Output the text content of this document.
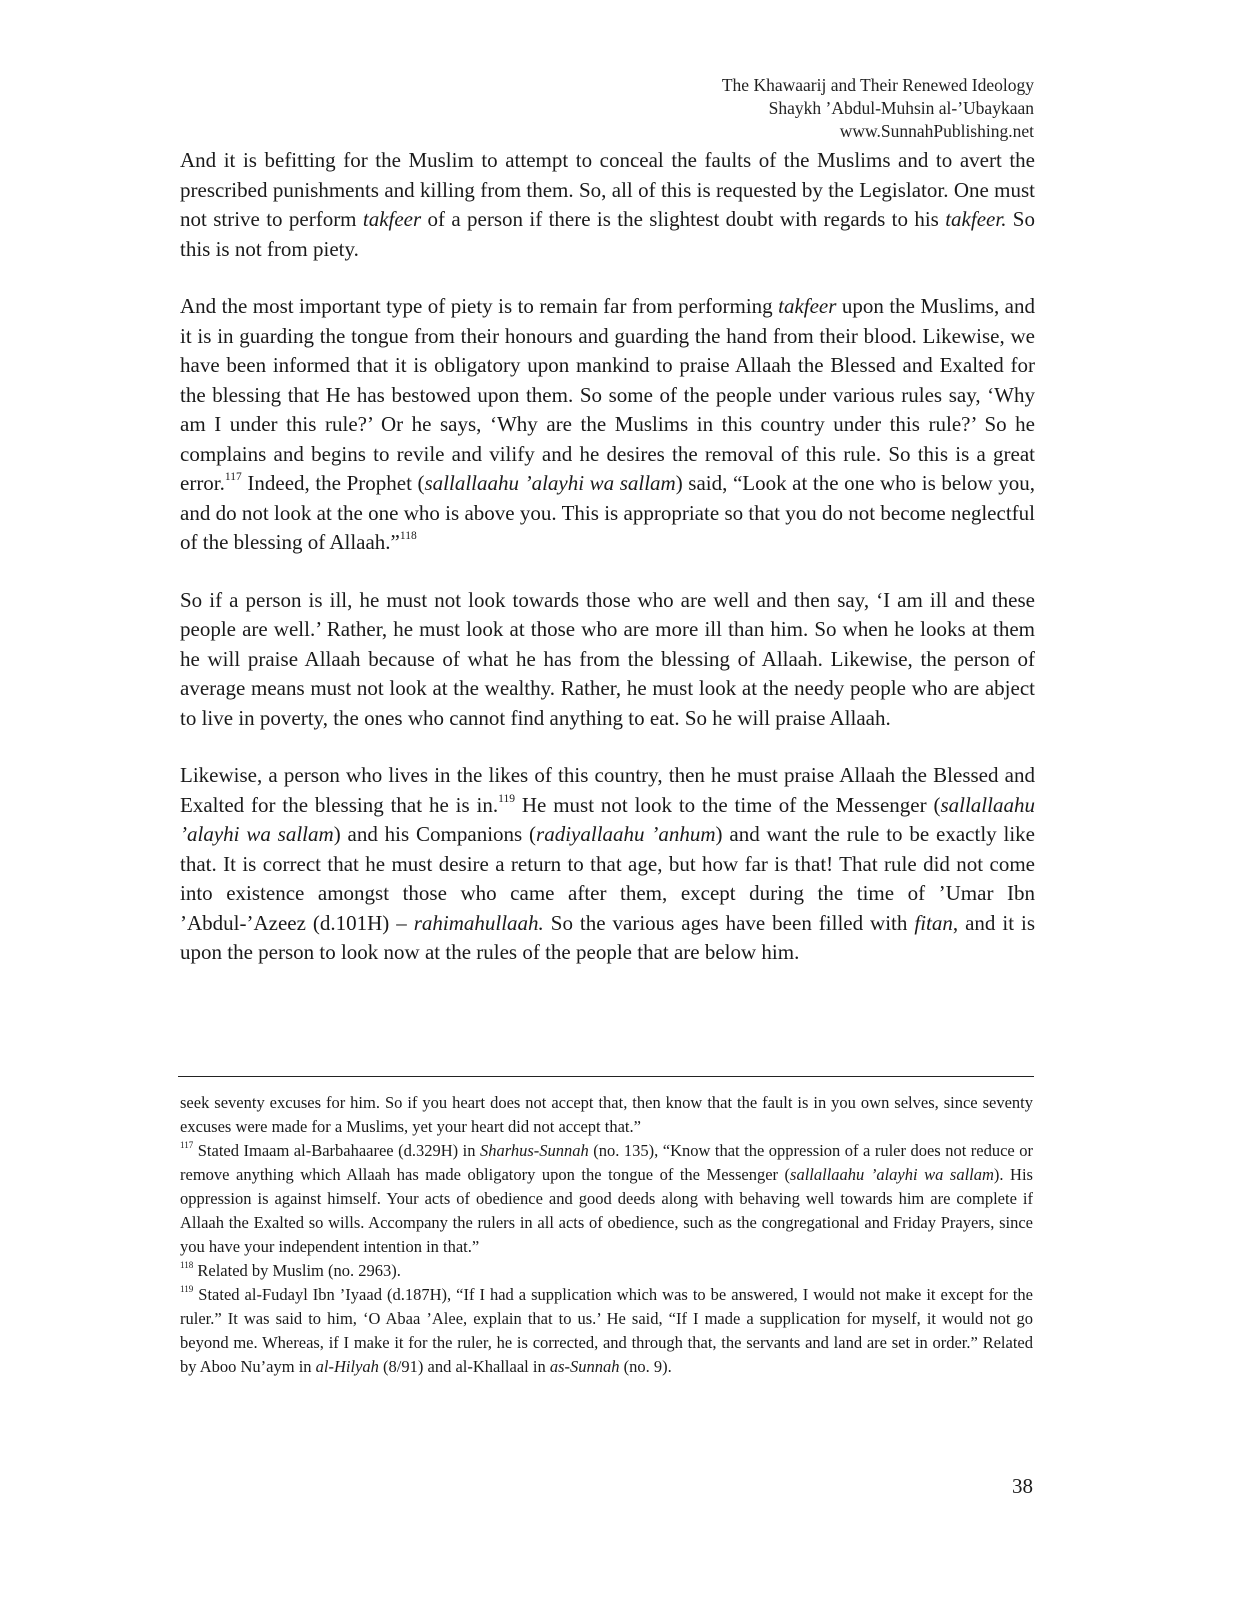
The Khawaarij and Their Renewed Ideology
Shaykh ’Abdul-Muhsin al-’Ubaykaan
www.SunnahPublishing.net

And it is befitting for the Muslim to attempt to conceal the faults of the Muslims and to avert the prescribed punishments and killing from them. So, all of this is requested by the Legislator. One must not strive to perform takfeer of a person if there is the slightest doubt with regards to his takfeer. So this is not from piety.

And the most important type of piety is to remain far from performing takfeer upon the Muslims, and it is in guarding the tongue from their honours and guarding the hand from their blood. Likewise, we have been informed that it is obligatory upon mankind to praise Allaah the Blessed and Exalted for the blessing that He has bestowed upon them. So some of the people under various rules say, ‘Why am I under this rule?’ Or he says, ‘Why are the Muslims in this country under this rule?’ So he complains and begins to revile and vilify and he desires the removal of this rule. So this is a great error.$^{117}$ Indeed, the Prophet (sallallaahu ’alayhi wa sallam) said, “Look at the one who is below you, and do not look at the one who is above you. This is appropriate so that you do not become neglectful of the blessing of Allaah.”$^{118}$

So if a person is ill, he must not look towards those who are well and then say, ‘I am ill and these people are well.’ Rather, he must look at those who are more ill than him. So when he looks at them he will praise Allaah because of what he has from the blessing of Allaah. Likewise, the person of average means must not look at the wealthy. Rather, he must look at the needy people who are abject to live in poverty, the ones who cannot find anything to eat. So he will praise Allaah.

Likewise, a person who lives in the likes of this country, then he must praise Allaah the Blessed and Exalted for the blessing that he is in.$^{119}$ He must not look to the time of the Messenger (sallallaahu ’alayhi wa sallam) and his Companions (radiyallaahu ’anhum) and want the rule to be exactly like that. It is correct that he must desire a return to that age, but how far is that! That rule did not come into existence amongst those who came after them, except during the time of ’Umar Ibn ’Abdul-’Azeez (d.101H) – rahimahullaah. So the various ages have been filled with fitan, and it is upon the person to look now at the rules of the people that are below him.

seek seventy excuses for him. So if you heart does not accept that, then know that the fault is in you own selves, since seventy excuses were made for a Muslims, yet your heart did not accept that.”

$^{117}$ Stated Imaam al-Barbahaaree (d.329H) in Sharhus-Sunnah (no. 135), “Know that the oppression of a ruler does not reduce or remove anything which Allaah has made obligatory upon the tongue of the Messenger (sallallaahu ’alayhi wa sallam). His oppression is against himself. Your acts of obedience and good deeds along with behaving well towards him are complete if Allaah the Exalted so wills. Accompany the rulers in all acts of obedience, such as the congregational and Friday Prayers, since you have your independent intention in that.”

$^{118}$ Related by Muslim (no. 2963).

$^{119}$ Stated al-Fudayl Ibn ’Iyaad (d.187H), “If I had a supplication which was to be answered, I would not make it except for the ruler.” It was said to him, ‘O Abaa ’Alee, explain that to us.’ He said, “If I made a supplication for myself, it would not go beyond me. Whereas, if I make it for the ruler, he is corrected, and through that, the servants and land are set in order.” Related by Aboo Nu’aym in al-Hilyah (8/91) and al-Khallaal in as-Sunnah (no. 9).

38
